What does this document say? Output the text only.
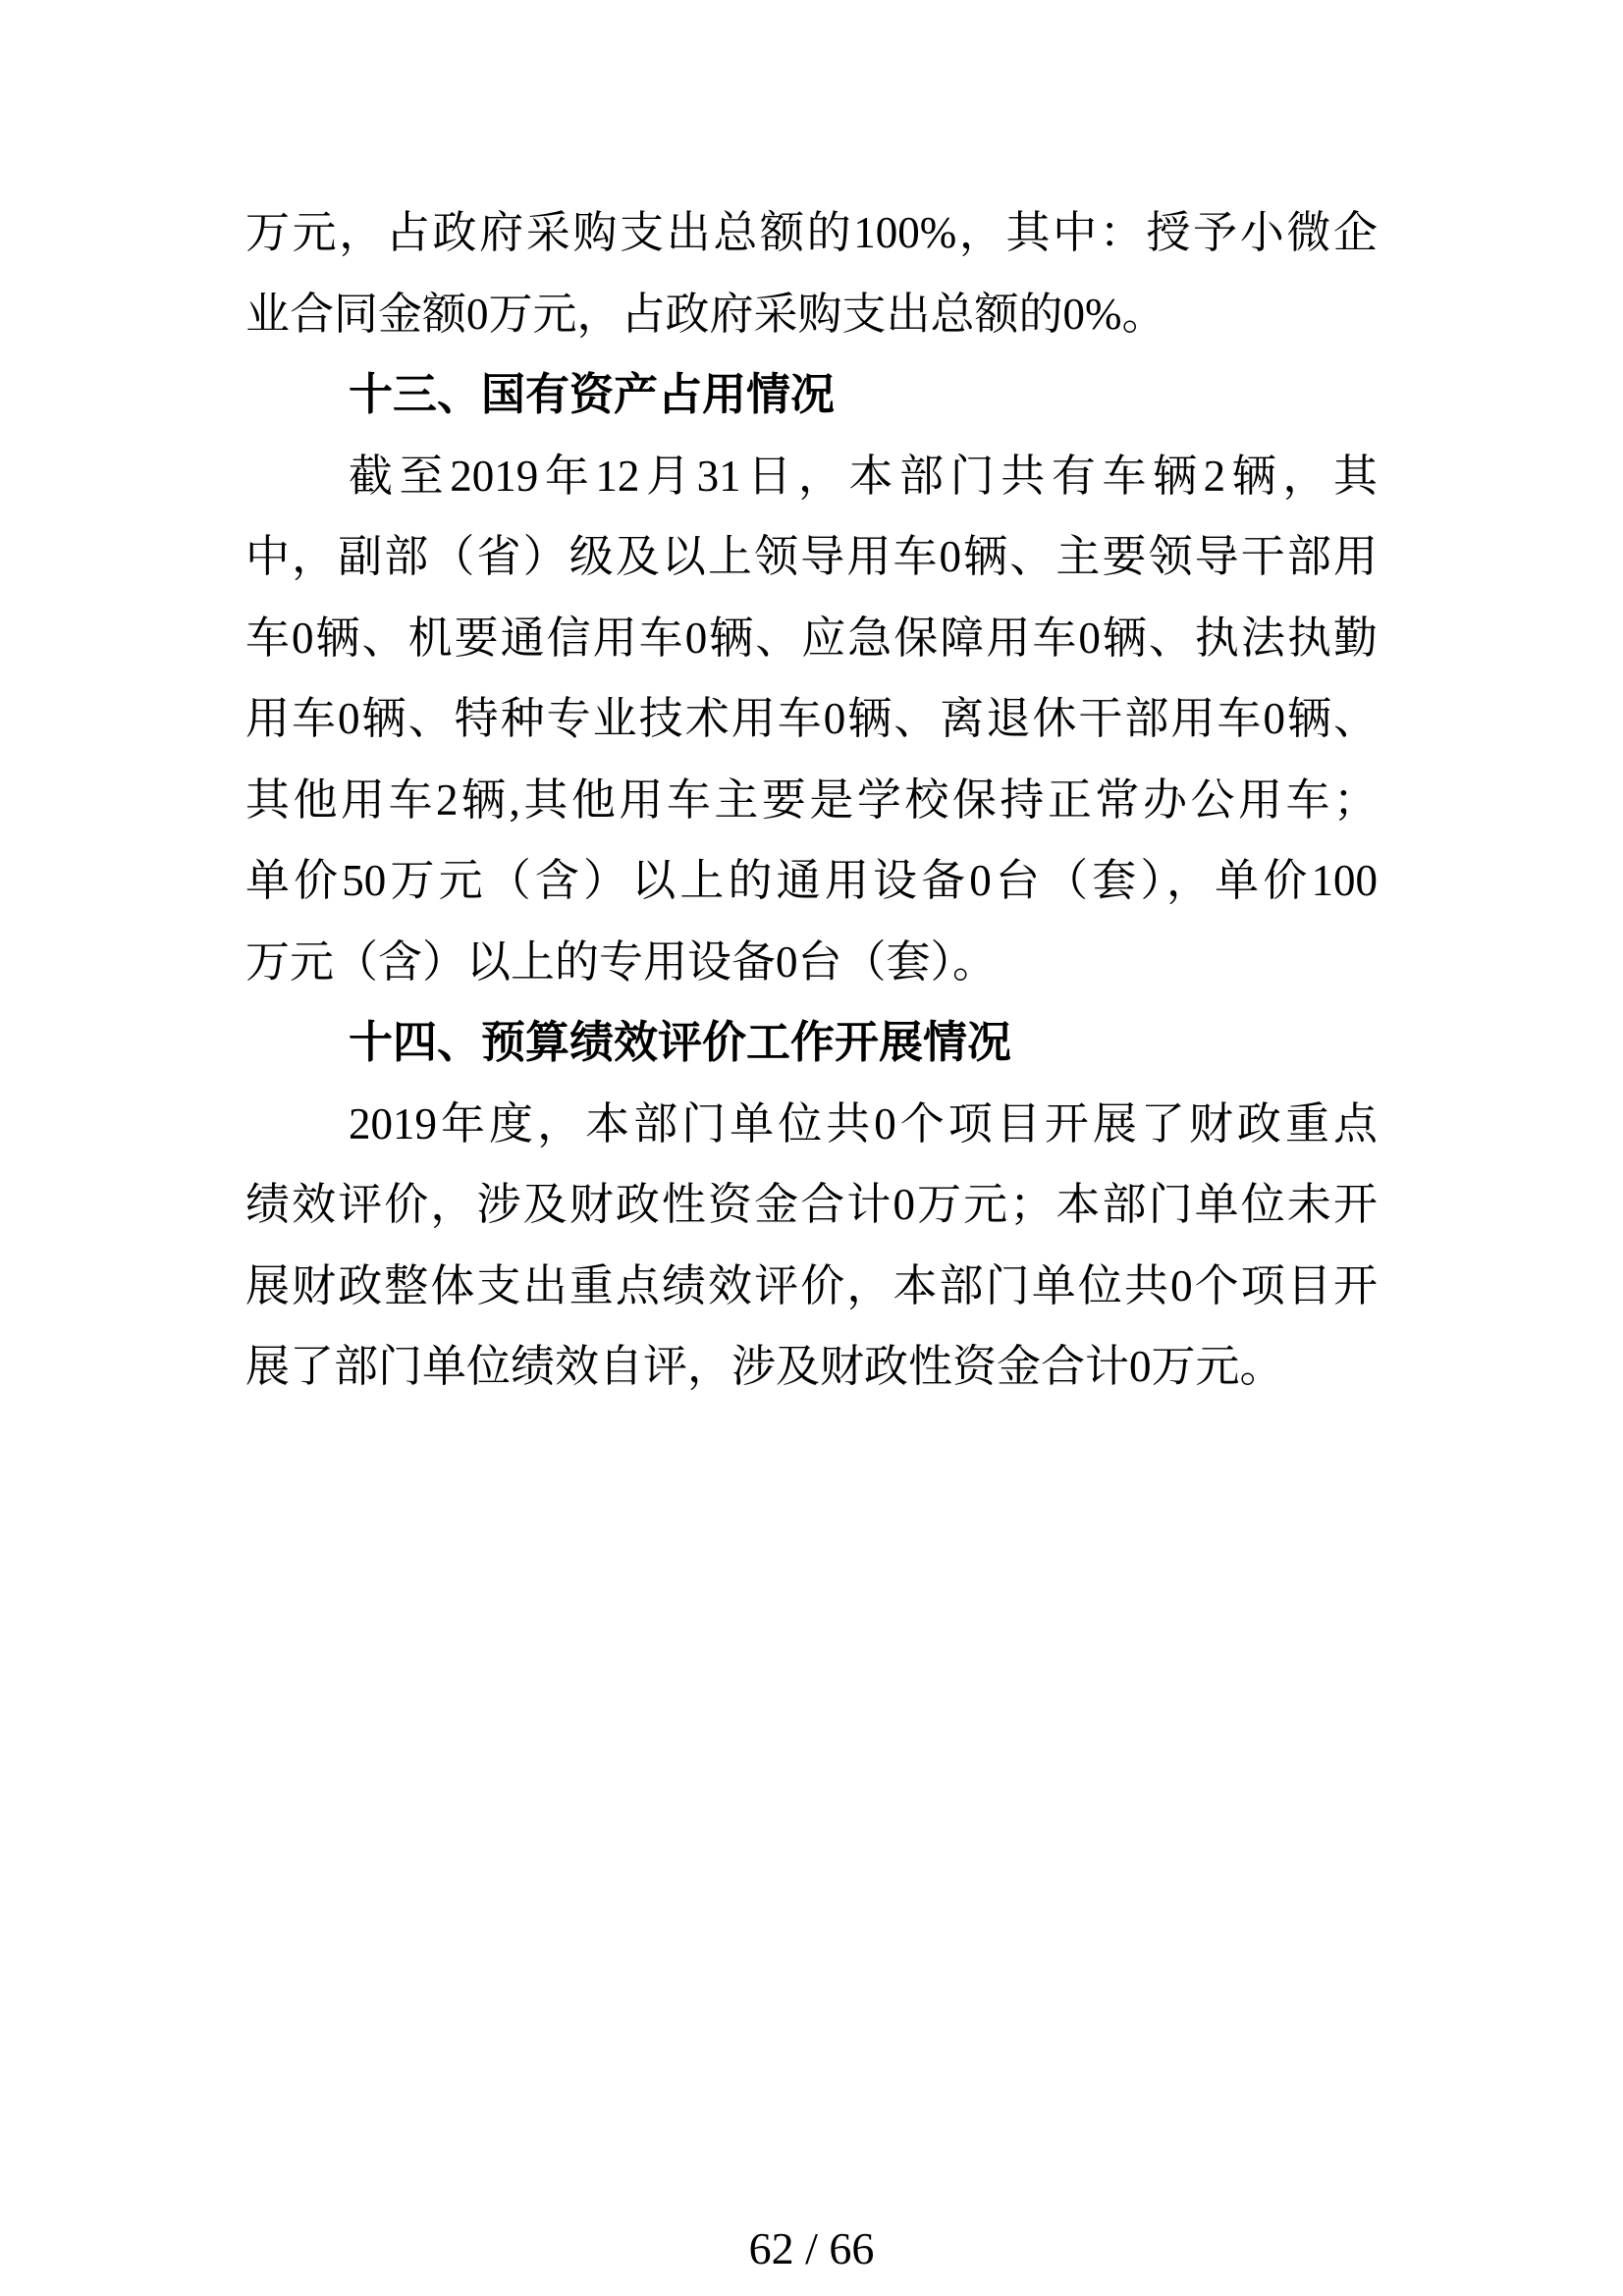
万元，占政府采购支出总额的100%，其中：授予小微企
业合同金额0万元，占政府采购支出总额的0%。
十三、国有资产占用情况
截至2019年12月31日，本部门共有车辆2辆，其
中，副部（省）级及以上领导用车0辆、主要领导干部用
车0辆、机要通信用车0辆、应急保障用车0辆、执法执勤
用车0辆、特种专业技术用车0辆、离退休干部用车0辆、
其他用车2辆,其他用车主要是学校保持正常办公用车；
单价50万元（含）以上的通用设备0台（套），单价100
万元（含）以上的专用设备0台（套）。
十四、预算绩效评价工作开展情况
2019年度，本部门单位共0个项目开展了财政重点
绩效评价，涉及财政性资金合计0万元；本部门单位未开
展财政整体支出重点绩效评价，本部门单位共0个项目开
展了部门单位绩效自评，涉及财政性资金合计0万元。
62 / 66
